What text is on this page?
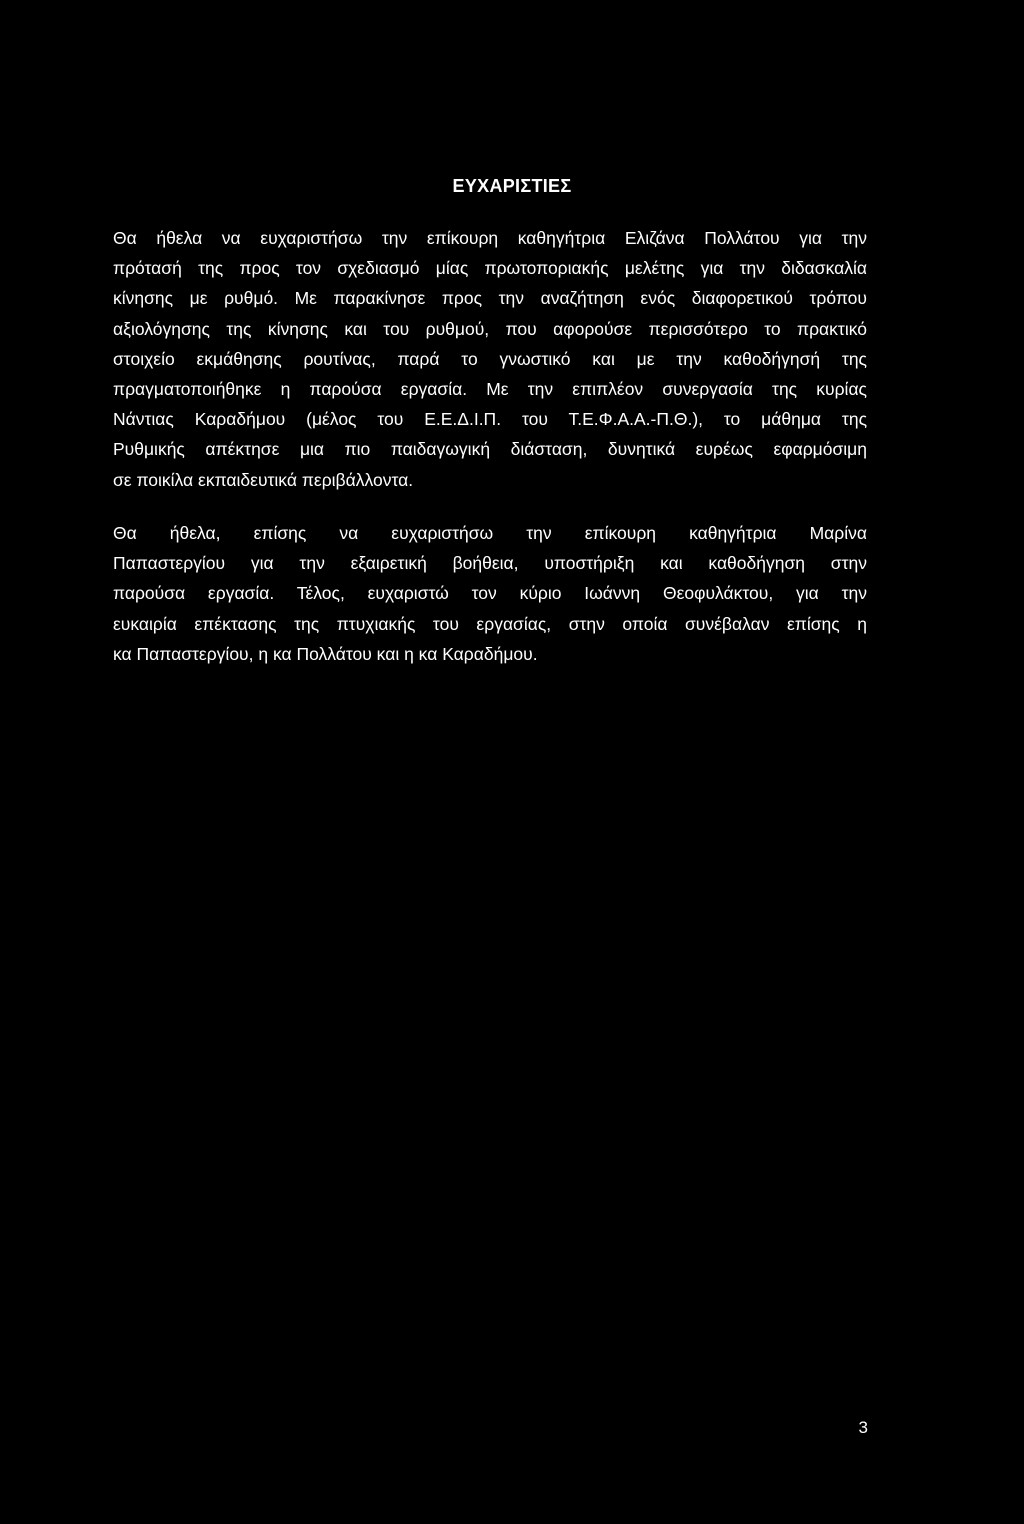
ΕΥΧΑΡΙΣΤΙΕΣ

Θα ήθελα να ευχαριστήσω την επίκουρη καθηγήτρια Ελιζάνα Πολλάτου για την
πρότασή της προς τον σχεδιασμό μίας πρωτοποριακής μελέτης για την διδασκαλία
κίνησης με ρυθμό. Με παρακίνησε προς την αναζήτηση ενός διαφορετικού τρόπου
αξιολόγησης της κίνησης και του ρυθμού, που αφορούσε περισσότερο το πρακτικό
στοιχείο εκμάθησης ρουτίνας, παρά το γνωστικό και με την καθοδήγησή της
πραγματοποιήθηκε η παρούσα εργασία. Με την επιπλέον συνεργασία της κυρίας
Νάντιας Καραδήμου (μέλος του Ε.Ε.Δ.Ι.Π. του Τ.Ε.Φ.Α.Α.-Π.Θ.), το μάθημα της
Ρυθμικής απέκτησε μια πιο παιδαγωγική διάσταση, δυνητικά ευρέως εφαρμόσιμη
σε ποικίλα εκπαιδευτικά περιβάλλοντα.

Θα ήθελα, επίσης να ευχαριστήσω την επίκουρη καθηγήτρια Μαρίνα
Παπαστεργίου για την εξαιρετική βοήθεια, υποστήριξη και καθοδήγηση στην
παρούσα εργασία. Τέλος, ευχαριστώ τον κύριο Ιωάννη Θεοφυλάκτου, για την
ευκαιρία επέκτασης της πτυχιακής του εργασίας, στην οποία συνέβαλαν επίσης η
κα Παπαστεργίου, η κα Πολλάτου και η κα Καραδήμου.

3
